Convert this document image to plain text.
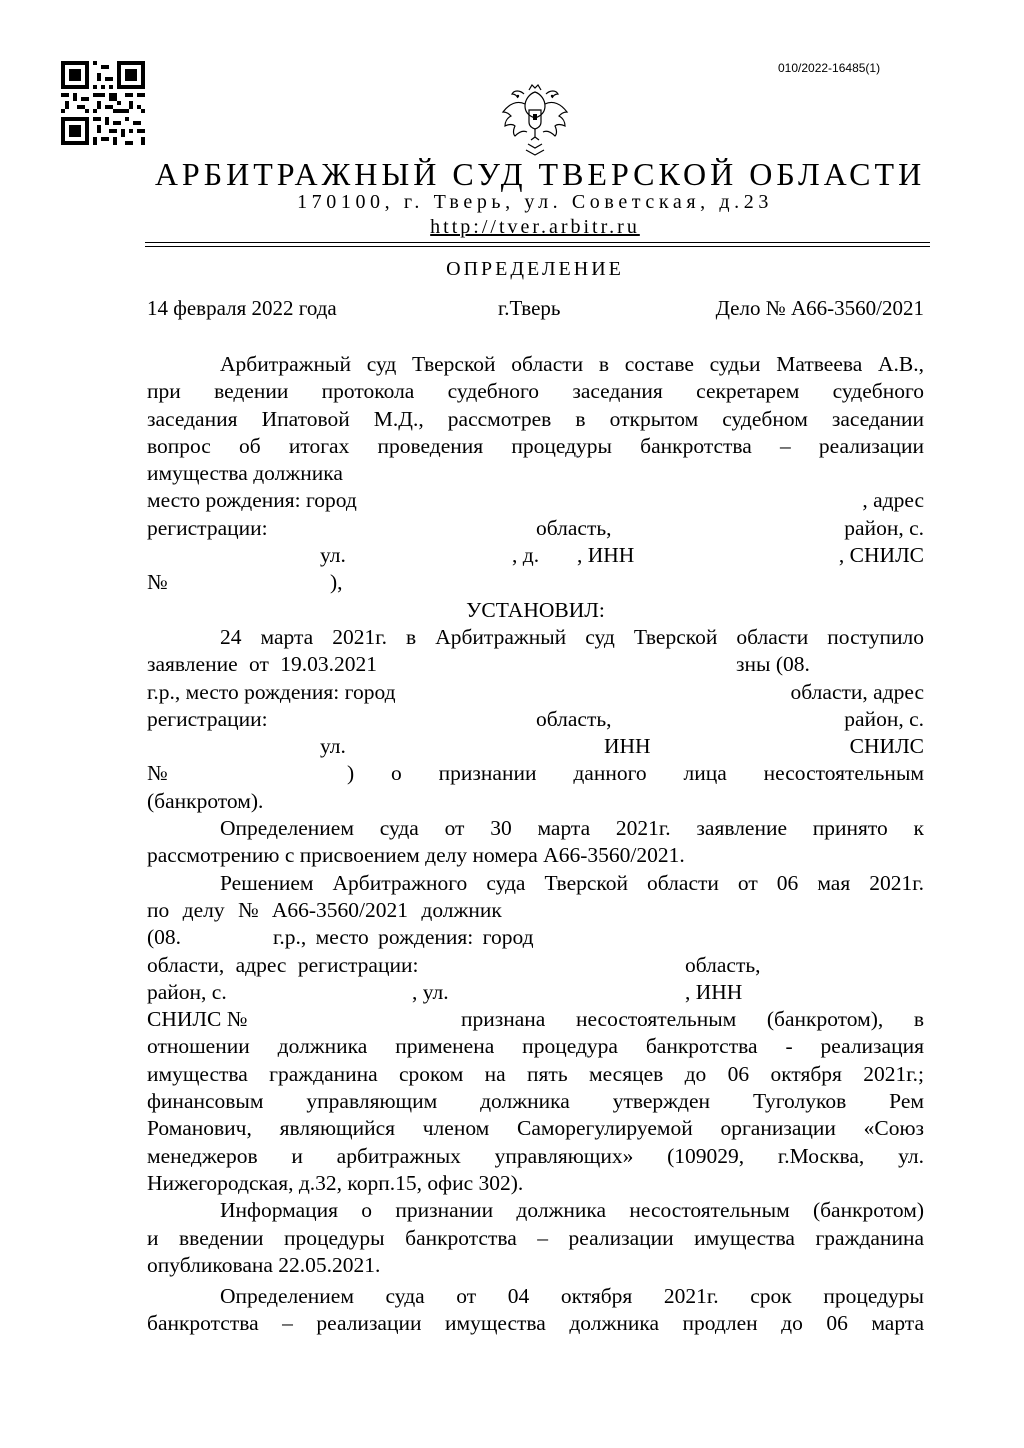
010/2022-16485(1)
АРБИТРАЖНЫЙ СУД ТВЕРСКОЙ ОБЛАСТИ
170100, г. Тверь, ул. Советская, д.23
http://tver.arbitr.ru
ОПРЕДЕЛЕНИЕ
14 февраля 2022 года	г.Тверь	Дело № А66-3560/2021
Арбитражный суд Тверской области в составе судьи Матвеева А.В.,
при ведении протокола судебного заседания секретарем судебного
заседания Ипатовой М.Д., рассмотрев в открытом судебном заседании
вопрос об итогах проведения процедуры банкротства – реализации
имущества должника
место рождения: город	, адрес
регистрации:	область,	район, с.
ул.	, д. , ИНН	, СНИЛС
№	),
УСТАНОВИЛ:
24 марта 2021г. в Арбитражный суд Тверской области поступило
заявление от 19.03.2021	зны (08.
г.р., место рождения: город	области, адрес
регистрации:	область,	район, с.
ул.	ИНН	СНИЛС
№	) о признании данного лица несостоятельным
(банкротом).
Определением суда от 30 марта 2021г. заявление принято к
рассмотрению с присвоением делу номера А66-3560/2021.
Решением Арбитражного суда Тверской области от 06 мая 2021г.
по делу № А66-3560/2021 должник
(08.	г.р., место рождения: город
области, адрес регистрации:	область,
район, с.	, ул.	, ИНН
СНИЛС №	признана несостоятельным (банкротом), в
отношении должника применена процедура банкротства - реализация
имущества гражданина сроком на пять месяцев до 06 октября 2021г.;
финансовым управляющим должника утвержден Туголуков Рем
Романович, являющийся членом Саморегулируемой организации «Союз
менеджеров и арбитражных управляющих» (109029, г.Москва, ул.
Нижегородская, д.32, корп.15, офис 302).
Информация о признании должника несостоятельным (банкротом)
и введении процедуры банкротства – реализации имущества гражданина
опубликована 22.05.2021.
Определением суда от 04 октября 2021г. срок процедуры
банкротства – реализации имущества должника продлен до 06 марта
